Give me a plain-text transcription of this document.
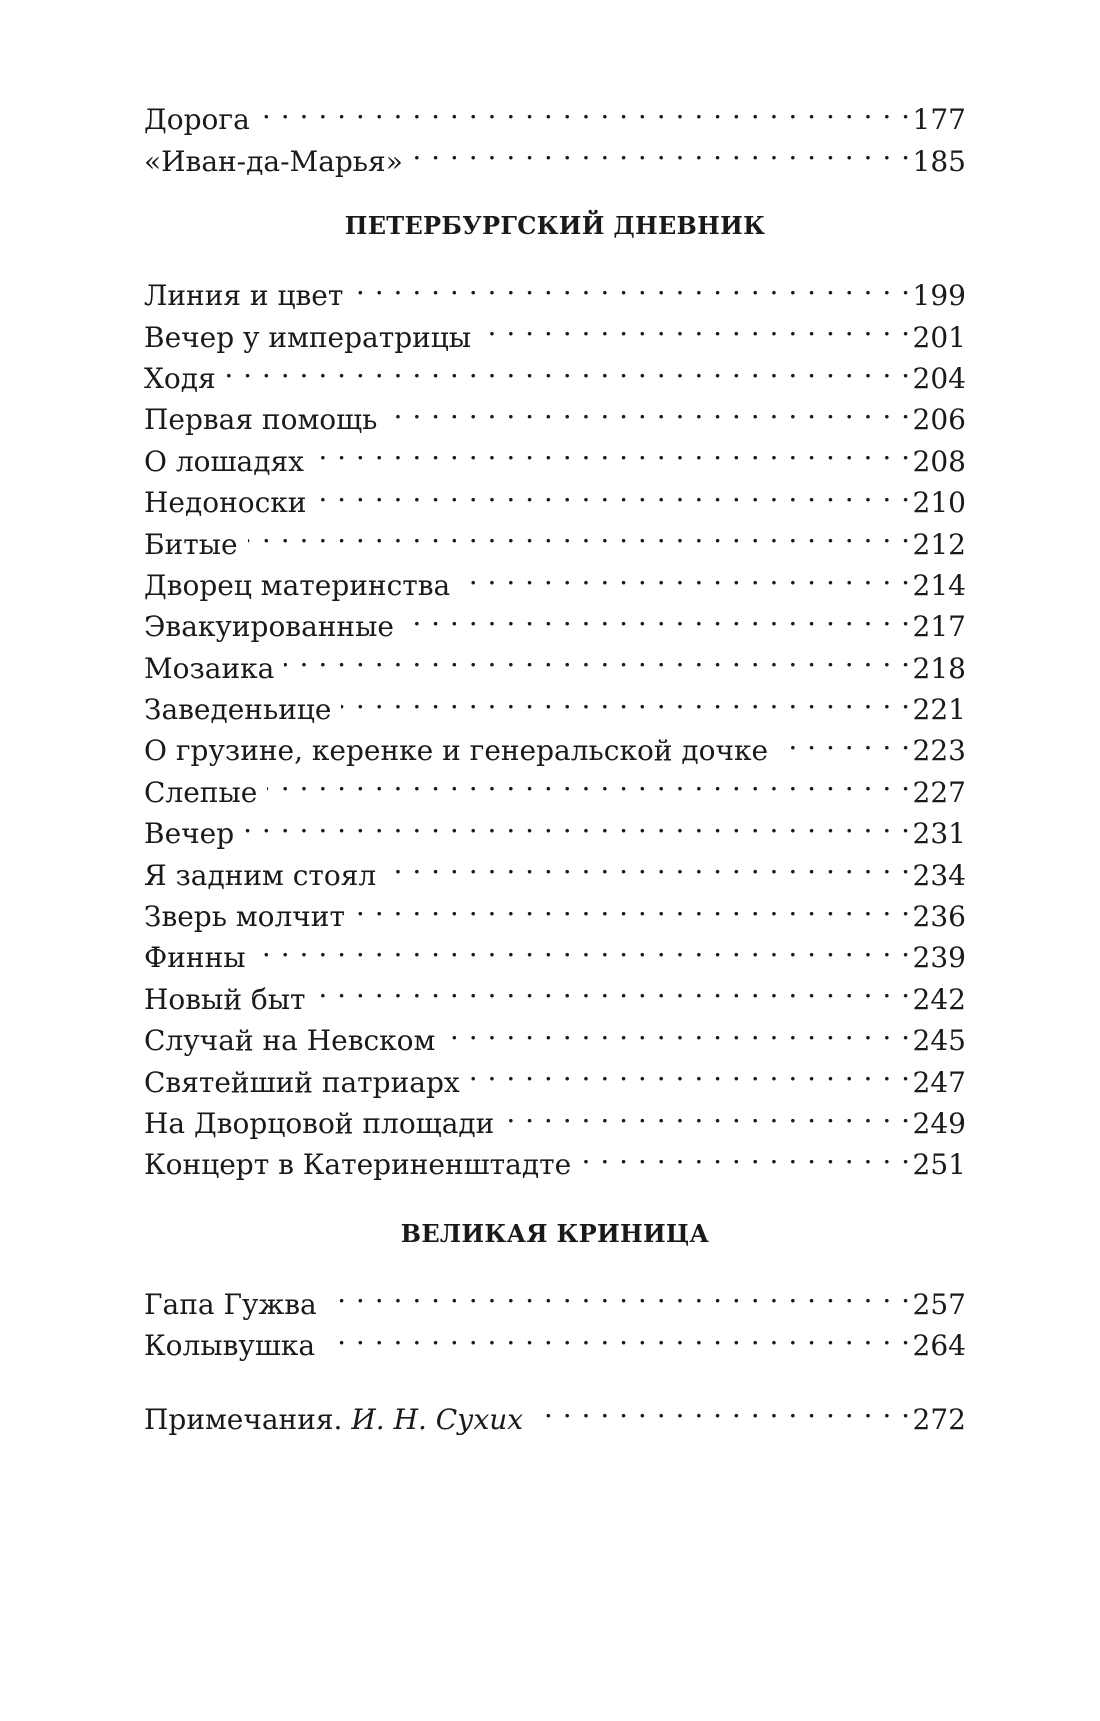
Дорога . . .	177
«Иван-да-Марья» . . .	185
ПЕТЕРБУРГСКИЙ ДНЕВНИК
Линия и цвет . . .	199
Вечер у императрицы . . .	201
Ходя . . .	204
Первая помощь . . .	206
О лошадях . . .	208
Недоноски . . .	210
Битые . . .	212
Дворец материнства . . .	214
Эвакуированные . . .	217
Мозаика . . .	218
Заведеньице . . .	221
О грузине, керенке и генеральской дочке . . .	223
Слепые . . .	227
Вечер . . .	231
Я задним стоял . . .	234
Зверь молчит . . .	236
Финны . . .	239
Новый быт . . .	242
Случай на Невском . . .	245
Святейший патриарх . . .	247
На Дворцовой площади . . .	249
Концерт в Катериненштадте . . .	251
ВЕЛИКАЯ КРИНИЦА
Гапа Гужва . . .	257
Колывушка . . .	264
Примечания. И. Н. Сухих . . .	272
